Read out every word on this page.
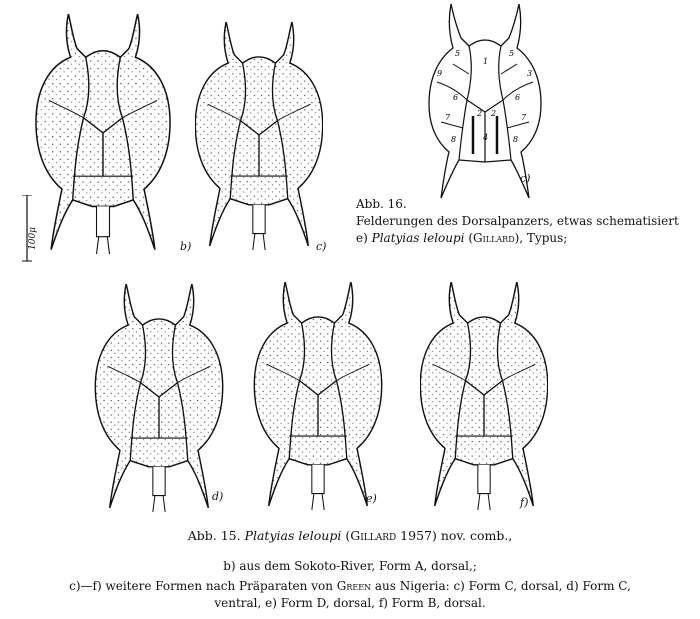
b)	c)
100μ
5
1
5
9	3
6	6
7	2 2	7
8	4	8
c)
Abb. 16.
Felderungen des Dorsalpanzers, etwas schematisiert
e) Platyias leloupi (Gillard), Typus;
d)	e)	f)
Abb. 15. Platyias leloupi (Gillard 1957) nov. comb.,
b) aus dem Sokoto-River, Form A, dorsal,;
c)—f) weitere Formen nach Präparaten von Green aus Nigeria: c) Form C, dorsal, d) Form C,
ventral, e) Form D, dorsal, f) Form B, dorsal.
